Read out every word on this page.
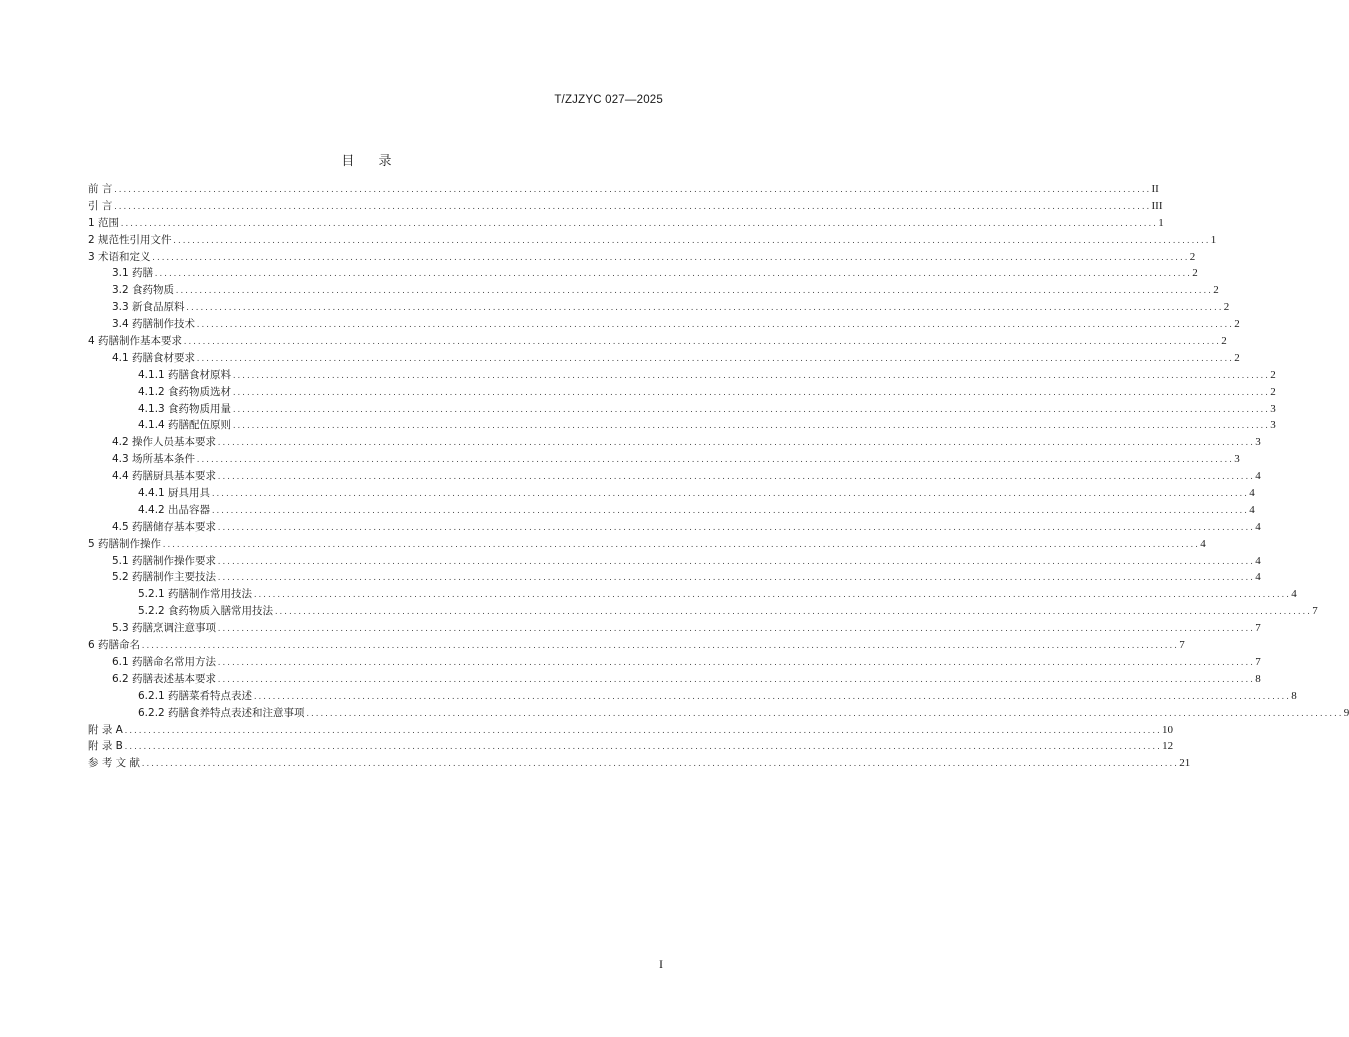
T/ZJZYC 027—2025
目 录
前 言 ............................................................................................................................................................................................................................ II
引 言 ............................................................................................................................................................................................................................ III
1 范围 ............................................................................................................................................................................................................................ 1
2 规范性引用文件 ............................................................................................................................................................................................................................ 1
3 术语和定义 ............................................................................................................................................................................................................................ 2
3.1 药膳 ............................................................................................................................................................................................................................ 2
3.2 食药物质 ............................................................................................................................................................................................................................ 2
3.3 新食品原料 ............................................................................................................................................................................................................................ 2
3.4 药膳制作技术 ............................................................................................................................................................................................................................ 2
4 药膳制作基本要求 ............................................................................................................................................................................................................................ 2
4.1 药膳食材要求 ............................................................................................................................................................................................................................ 2
4.1.1 药膳食材原料 ............................................................................................................................................................................................................................ 2
4.1.2 食药物质选材 ............................................................................................................................................................................................................................ 2
4.1.3 食药物质用量 ............................................................................................................................................................................................................................ 3
4.1.4 药膳配伍原则 ............................................................................................................................................................................................................................ 3
4.2 操作人员基本要求 ............................................................................................................................................................................................................................ 3
4.3 场所基本条件 ............................................................................................................................................................................................................................ 3
4.4 药膳厨具基本要求 ............................................................................................................................................................................................................................ 4
4.4.1 厨具用具 ............................................................................................................................................................................................................................ 4
4.4.2 出品容器 ............................................................................................................................................................................................................................ 4
4.5 药膳储存基本要求 ............................................................................................................................................................................................................................ 4
5 药膳制作操作 ............................................................................................................................................................................................................................ 4
5.1 药膳制作操作要求 ............................................................................................................................................................................................................................ 4
5.2 药膳制作主要技法 ............................................................................................................................................................................................................................ 4
5.2.1 药膳制作常用技法 ............................................................................................................................................................................................................................ 4
5.2.2 食药物质入膳常用技法 ............................................................................................................................................................................................................................ 7
5.3 药膳烹调注意事项 ............................................................................................................................................................................................................................ 7
6 药膳命名 ............................................................................................................................................................................................................................ 7
6.1 药膳命名常用方法 ............................................................................................................................................................................................................................ 7
6.2 药膳表述基本要求 ............................................................................................................................................................................................................................ 8
6.2.1 药膳菜肴特点表述 ............................................................................................................................................................................................................................ 8
6.2.2 药膳食养特点表述和注意事项 ............................................................................................................................................................................................................................ 9
附 录 A ............................................................................................................................................................................................................................ 10
附 录 B ............................................................................................................................................................................................................................ 12
参 考 文 献 ............................................................................................................................................................................................................................ 21
I
